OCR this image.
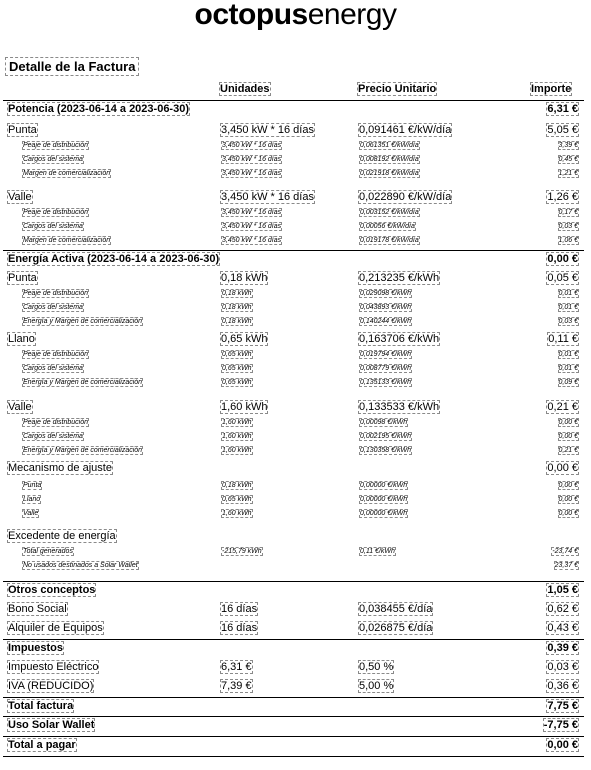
octopusenergy
Detalle de la Factura
Unidades	Precio Unitario	Importe
Potencia (2023-06-14 a 2023-06-30)	6,31 €
Punta	3,450 kW * 16 días	0,091461 €/kW/día	5,05 €
Peaje de distribución	3,450 kW * 16 días	0,061351 €/kW/día	3,39 €
Cargos del sistema	3,450 kW * 16 días	0,008192 €/kW/día	0,45 €
Margen de comercialización	3,450 kW * 16 días	0,021918 €/kW/día	1,21 €
Valle	3,450 kW * 16 días	0,022890 €/kW/día	1,26 €
Peaje de distribución	3,450 kW * 16 días	0,003152 €/kW/día	0,17 €
Cargos del sistema	3,450 kW * 16 días	0,00056 €/kW/día	0,03 €
Margen de comercialización	3,450 kW * 16 días	0,019178 €/kW/día	1,06 €
Energía Activa (2023-06-14 a 2023-06-30)	0,00 €
Punta	0,18 kWh	0,213235 €/kWh	0,05 €
Peaje de distribución	0,18 kWh	0,029098 €/kWh	0,01 €
Cargos del sistema	0,18 kWh	0,043893 €/kWh	0,01 €
Energía y Margen de comercialización	0,18 kWh	0,140244 €/kWh	0,03 €
Llano	0,65 kWh	0,163706 €/kWh	0,11 €
Peaje de distribución	0,65 kWh	0,019794 €/kWh	0,01 €
Cargos del sistema	0,65 kWh	0,008779 €/kWh	0,01 €
Energía y Margen de comercialización	0,65 kWh	0,135133 €/kWh	0,09 €
Valle	1,60 kWh	0,133533 €/kWh	0,21 €
Peaje de distribución	1,60 kWh	0,00098 €/kWh	0,00 €
Cargos del sistema	1,60 kWh	0,002195 €/kWh	0,00 €
Energía y Margen de comercialización	1,60 kWh	0,130358 €/kWh	0,21 €
Mecanismo de ajuste	0,00 €
Punta	0,18 kWh	0,00000 €/kWh	0,00 €
Llano	0,65 kWh	0,00000 €/kWh	0,00 €
Valle	1,60 kWh	0,00000 €/kWh	0,00 €
Excedente de energía
Total generados	-215,79 kWh	0,11 €/kWh	-23,74 €
No usados destinados a Solar Wallet	23,37 €
Otros conceptos	1,05 €
Bono Social	16 días	0,038455 €/día	0,62 €
Alquiler de Equipos	16 días	0,026875 €/día	0,43 €
Impuestos	0,39 €
Impuesto Eléctrico	6,31 €	0,50 %	0,03 €
IVA (REDUCIDO)	7,39 €	5,00 %	0,36 €
Total factura	7,75 €
Uso Solar Wallet	-7,75 €
Total a pagar	0,00 €
